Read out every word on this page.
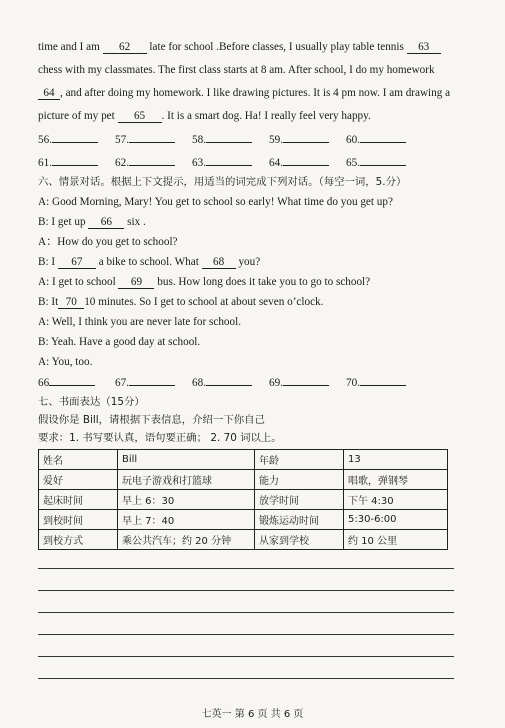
time and I am 62 late for school .Before classes, I usually play table tennis 63
chess with my classmates. The first class starts at 8 am. After school, I do my homework
64 , and after doing my homework. I like drawing pictures. It is 4 pm now. I am drawing a
picture of my pet 65 . It is a smart dog. Ha! I really feel very happy.
56.	57.	58.	59.	60.
61.	62.	63.	64.	65.
六、情景对话。根据上下文提示，用适当的词完成下列对话。（每空一词，5.分）
A: Good Morning, Mary! You get to school so early! What time do you get up?
B: I get up 66 six .
A：How do you get to school?
B: I 67 a bike to school. What 68 you?
A: I get to school 69 bus. How long does it take you to go to school?
B: It 70 10 minutes. So I get to school at about seven o’clock.
A: Well, I think you are never late for school.
B: Yeah. Have a good day at school.
A: You, too.
66	67.	68.	69.	70.
七、书面表达（15分）
假设你是 Bill，请根据下表信息，介绍一下你自己
要求：1. 书写要认真，语句要正确； 2. 70 词以上。
姓名	Bill	年龄	13
爱好	玩电子游戏和打篮球	能力	唱歌，弹钢琴
起床时间	早上 6：30	放学时间	下午 4:30
到校时间	早上 7：40	锻炼运动时间	5:30-6:00
到校方式	乘公共汽车；约 20 分钟	从家到学校	约 10 公里
七英一 第 6 页 共 6 页
